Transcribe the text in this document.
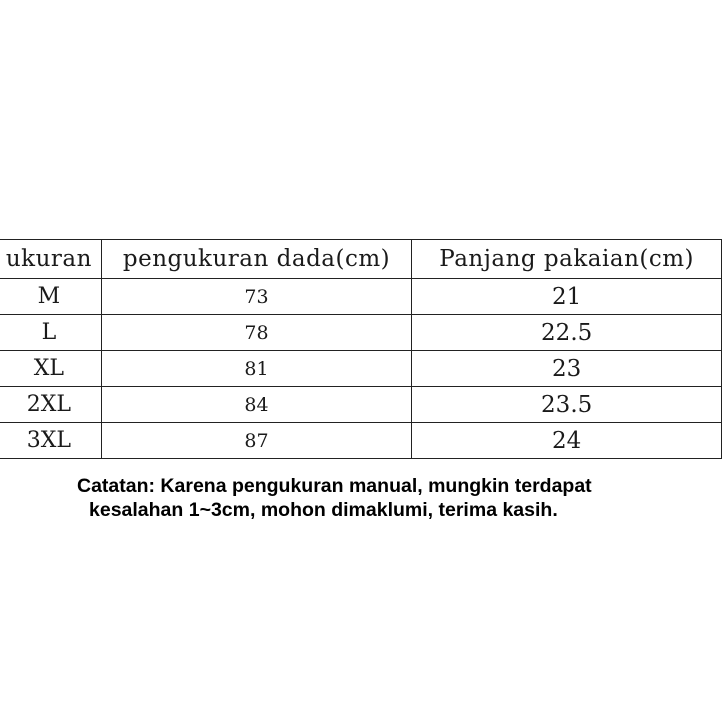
ukuran	pengukuran dada(cm)	Panjang pakaian(cm)
M	73	21
L	78	22.5
XL	81	23
2XL	84	23.5
3XL	87	24
Catatan: Karena pengukuran manual, mungkin terdapat
kesalahan 1~3cm, mohon dimaklumi, terima kasih.
